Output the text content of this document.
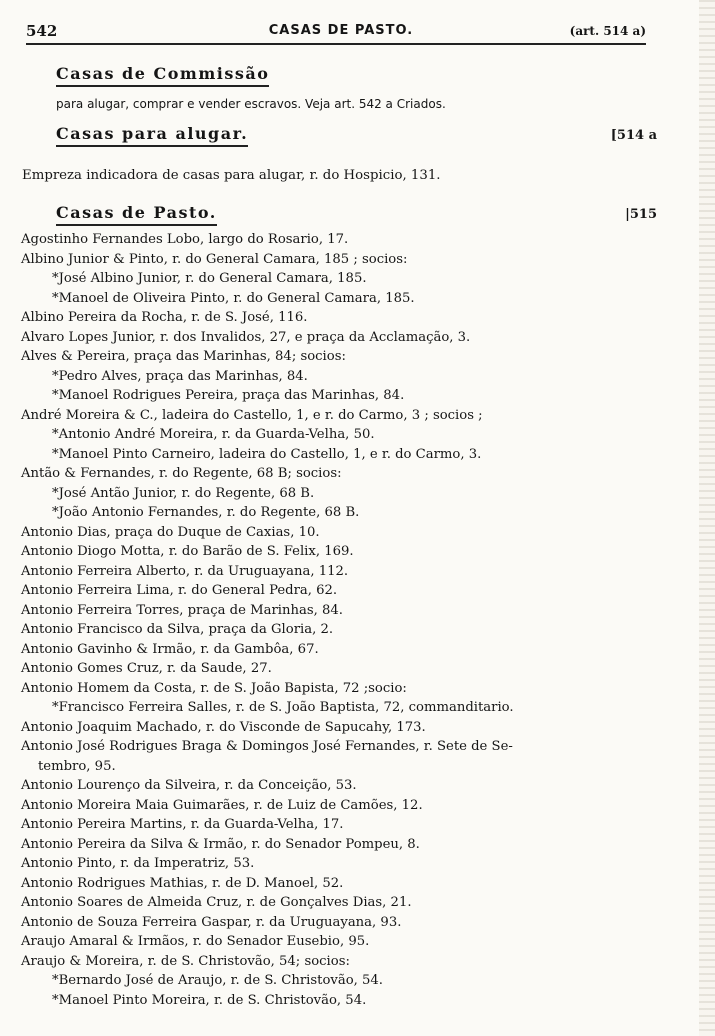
542	CASAS DE PASTO.	(art. 514 a)
Casas de Commissão
para alugar, comprar e vender escravos. Veja art. 542 a Criados.
Casas para alugar.	[514 a
Empreza indicadora de casas para alugar, r. do Hospicio, 131.
Casas de Pasto.	|515
Agostinho Fernandes Lobo, largo do Rosario, 17.
Albino Junior & Pinto, r. do General Camara, 185 ; socios:
*José Albino Junior, r. do General Camara, 185.
*Manoel de Oliveira Pinto, r. do General Camara, 185.
Albino Pereira da Rocha, r. de S. José, 116.
Alvaro Lopes Junior, r. dos Invalidos, 27, e praça da Acclamação, 3.
Alves & Pereira, praça das Marinhas, 84; socios:
*Pedro Alves, praça das Marinhas, 84.
*Manoel Rodrigues Pereira, praça das Marinhas, 84.
André Moreira & C., ladeira do Castello, 1, e r. do Carmo, 3 ; socios ;
*Antonio André Moreira, r. da Guarda-Velha, 50.
*Manoel Pinto Carneiro, ladeira do Castello, 1, e r. do Carmo, 3.
Antão & Fernandes, r. do Regente, 68 B; socios:
*José Antão Junior, r. do Regente, 68 B.
*João Antonio Fernandes, r. do Regente, 68 B.
Antonio Dias, praça do Duque de Caxias, 10.
Antonio Diogo Motta, r. do Barão de S. Felix, 169.
Antonio Ferreira Alberto, r. da Uruguayana, 112.
Antonio Ferreira Lima, r. do General Pedra, 62.
Antonio Ferreira Torres, praça de Marinhas, 84.
Antonio Francisco da Silva, praça da Gloria, 2.
Antonio Gavinho & Irmão, r. da Gambôa, 67.
Antonio Gomes Cruz, r. da Saude, 27.
Antonio Homem da Costa, r. de S. João Bapista, 72 ;socio:
*Francisco Ferreira Salles, r. de S. João Baptista, 72, commanditario.
Antonio Joaquim Machado, r. do Visconde de Sapucahy, 173.
Antonio José Rodrigues Braga & Domingos José Fernandes, r. Sete de Se-
tembro, 95.
Antonio Lourenço da Silveira, r. da Conceição, 53.
Antonio Moreira Maia Guimarães, r. de Luiz de Camões, 12.
Antonio Pereira Martins, r. da Guarda-Velha, 17.
Antonio Pereira da Silva & Irmão, r. do Senador Pompeu, 8.
Antonio Pinto, r. da Imperatriz, 53.
Antonio Rodrigues Mathias, r. de D. Manoel, 52.
Antonio Soares de Almeida Cruz, r. de Gonçalves Dias, 21.
Antonio de Souza Ferreira Gaspar, r. da Uruguayana, 93.
Araujo Amaral & Irmãos, r. do Senador Eusebio, 95.
Araujo & Moreira, r. de S. Christovão, 54; socios:
*Bernardo José de Araujo, r. de S. Christovão, 54.
*Manoel Pinto Moreira, r. de S. Christovão, 54.
